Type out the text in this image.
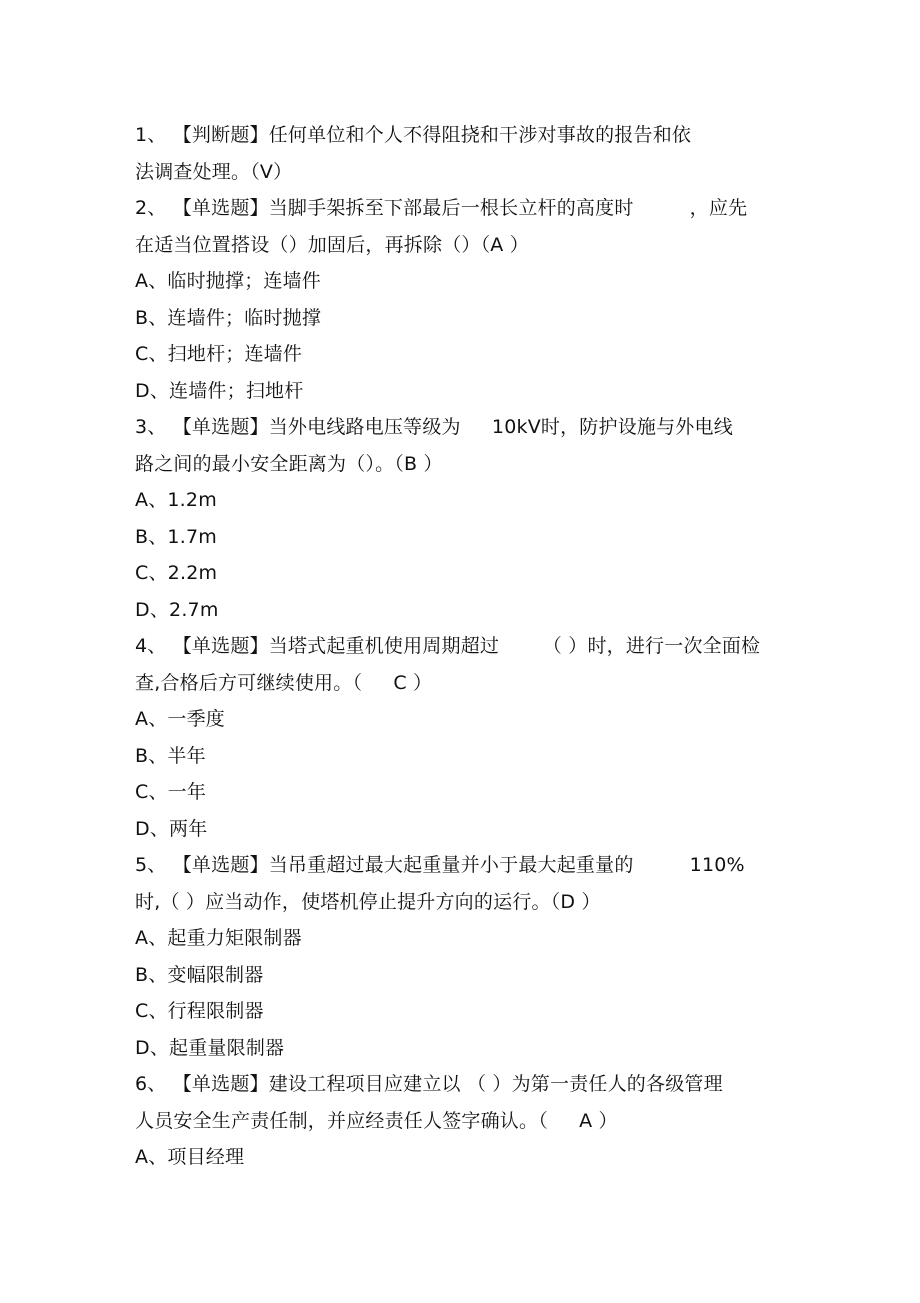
1、 【判断题】任何单位和个人不得阻挠和干涉对事故的报告和依
法调查处理。（V）
2、 【单选题】当脚手架拆至下部最后一根长立杆的高度时         ，应先
在适当位置搭设（）加固后，再拆除（）（A ）
A、临时抛撑；连墙件
B、连墙件；临时抛撑
C、扫地杆；连墙件
D、连墙件；扫地杆
3、 【单选题】当外电线路电压等级为     10kV时，防护设施与外电线
路之间的最小安全距离为（）。（B ）
A、1.2m
B、1.7m
C、2.2m
D、2.7m
4、 【单选题】当塔式起重机使用周期超过       （ ）时，进行一次全面检
查,合格后方可继续使用。（     C ）
A、一季度
B、半年
C、一年
D、两年
5、 【单选题】当吊重超过最大起重量并小于最大起重量的         110%
时,（ ）应当动作，使塔机停止提升方向的运行。（D ）
A、起重力矩限制器
B、变幅限制器
C、行程限制器
D、起重量限制器
6、 【单选题】建设工程项目应建立以 （ ）为第一责任人的各级管理
人员安全生产责任制，并应经责任人签字确认。（     A ）
A、项目经理
